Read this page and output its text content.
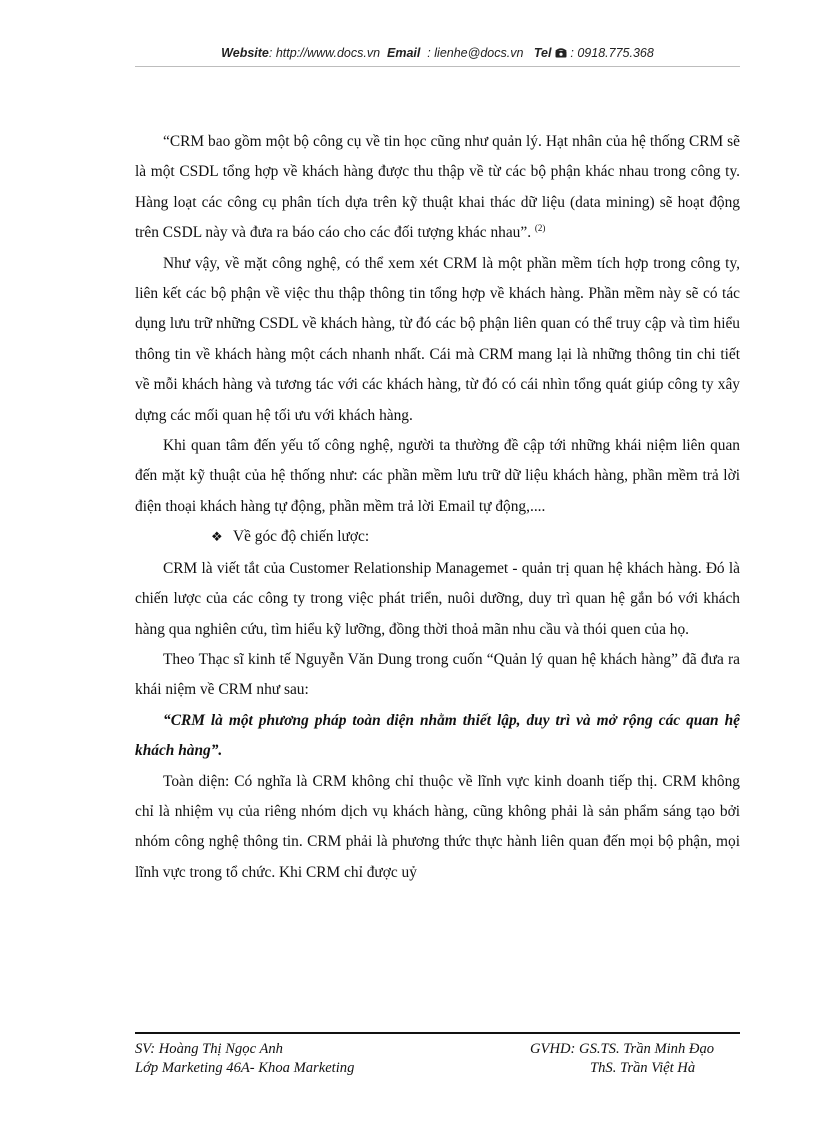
Website: http://www.docs.vn Email  : lienhe@docs.vn Tel : 0918.775.368

“CRM bao gồm một bộ công cụ về tin học cũng như quản lý. Hạt nhân của hệ thống CRM sẽ là một CSDL tổng hợp về khách hàng được thu thập về từ các bộ phận khác nhau trong công ty. Hàng loạt các công cụ phân tích dựa trên kỹ thuật khai thác dữ liệu (data mining) sẽ hoạt động trên CSDL này và đưa ra báo cáo cho các đối tượng khác nhau”. $^{(2)}$

Như vậy, về mặt công nghệ, có thể xem xét CRM là một phần mềm tích hợp trong công ty, liên kết các bộ phận về việc thu thập thông tin tổng hợp về khách hàng. Phần mềm này sẽ có tác dụng lưu trữ những CSDL về khách hàng, từ đó các bộ phận liên quan có thể truy cập và tìm hiểu thông tin về khách hàng một cách nhanh nhất. Cái mà CRM mang lại là những thông tin chi tiết về mỗi khách hàng và tương tác với các khách hàng, từ đó có cái nhìn tổng quát giúp công ty xây dựng các mối quan hệ tối ưu với khách hàng.

Khi quan tâm đến yếu tố công nghệ, người ta thường đề cập tới những khái niệm liên quan đến mặt kỹ thuật của hệ thống như: các phần mềm lưu trữ dữ liệu khách hàng, phần mềm trả lời điện thoại khách hàng tự động, phần mềm trả lời Email tự động,....

❖ Về góc độ chiến lược:

CRM là viết tắt của Customer Relationship Managemet - quản trị quan hệ khách hàng. Đó là chiến lược của các công ty trong việc phát triển, nuôi dưỡng, duy trì quan hệ gắn bó với khách hàng qua nghiên cứu, tìm hiểu kỹ lưỡng, đồng thời thoả mãn nhu cầu và thói quen của họ.

Theo Thạc sĩ kinh tế Nguyễn Văn Dung trong cuốn “Quản lý quan hệ khách hàng” đã đưa ra khái niệm về CRM như sau:

“CRM là một phương pháp toàn diện nhằm thiết lập, duy trì và mở rộng các quan hệ khách hàng”.

Toàn diện: Có nghĩa là CRM không chỉ thuộc về lĩnh vực kinh doanh tiếp thị. CRM không chỉ là nhiệm vụ của riêng nhóm dịch vụ khách hàng, cũng không phải là sản phẩm sáng tạo bởi nhóm công nghệ thông tin. CRM phải là phương thức thực hành liên quan đến mọi bộ phận, mọi lĩnh vực trong tổ chức. Khi CRM chỉ được uỷ

SV: Hoàng Thị Ngọc Anh	GVHD: GS.TS. Trần Minh Đạo
Lớp Marketing 46A- Khoa Marketing	ThS. Trần Việt Hà
